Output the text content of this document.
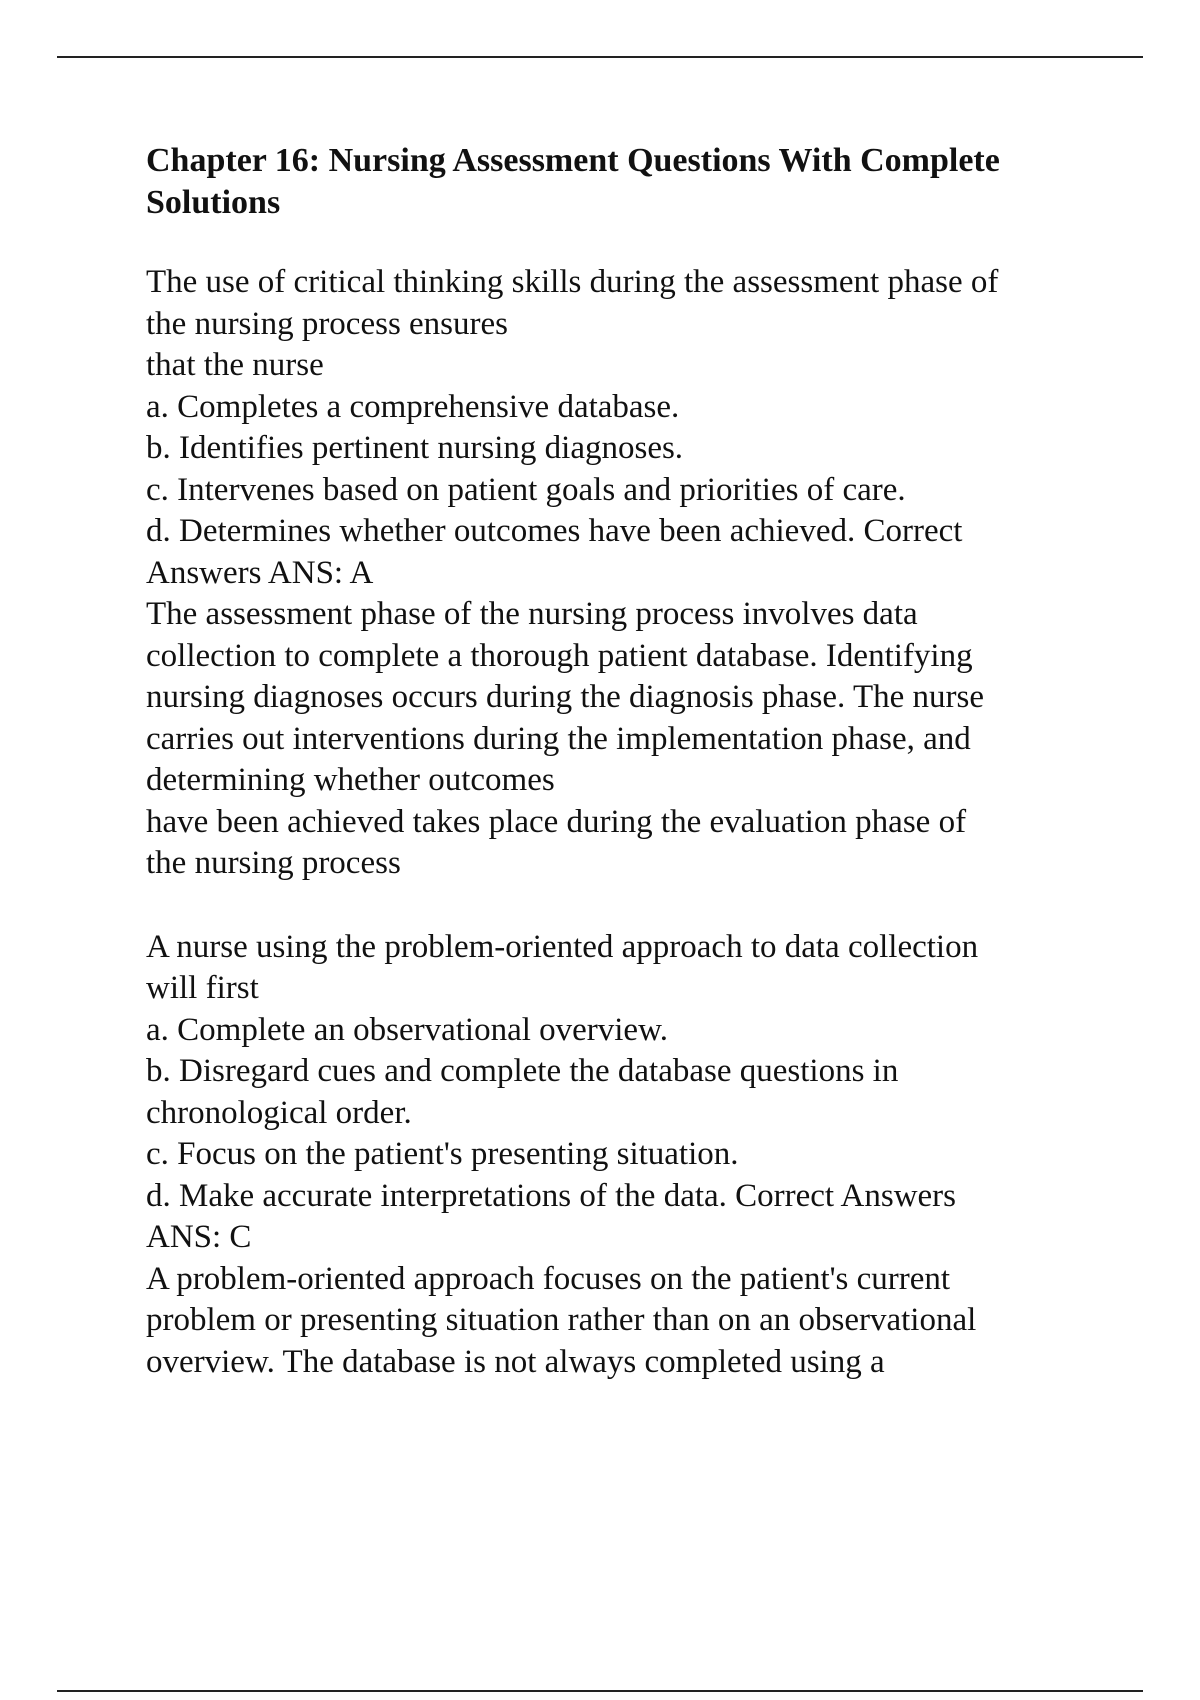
Chapter 16: Nursing Assessment Questions With Complete
Solutions
The use of critical thinking skills during the assessment phase of
the nursing process ensures
that the nurse
a. Completes a comprehensive database.
b. Identifies pertinent nursing diagnoses.
c. Intervenes based on patient goals and priorities of care.
d. Determines whether outcomes have been achieved. Correct
Answers ANS: A
The assessment phase of the nursing process involves data
collection to complete a thorough patient database. Identifying
nursing diagnoses occurs during the diagnosis phase. The nurse
carries out interventions during the implementation phase, and
determining whether outcomes
have been achieved takes place during the evaluation phase of
the nursing process
A nurse using the problem-oriented approach to data collection
will first
a. Complete an observational overview.
b. Disregard cues and complete the database questions in
chronological order.
c. Focus on the patient's presenting situation.
d. Make accurate interpretations of the data. Correct Answers
ANS: C
A problem-oriented approach focuses on the patient's current
problem or presenting situation rather than on an observational
overview. The database is not always completed using a
